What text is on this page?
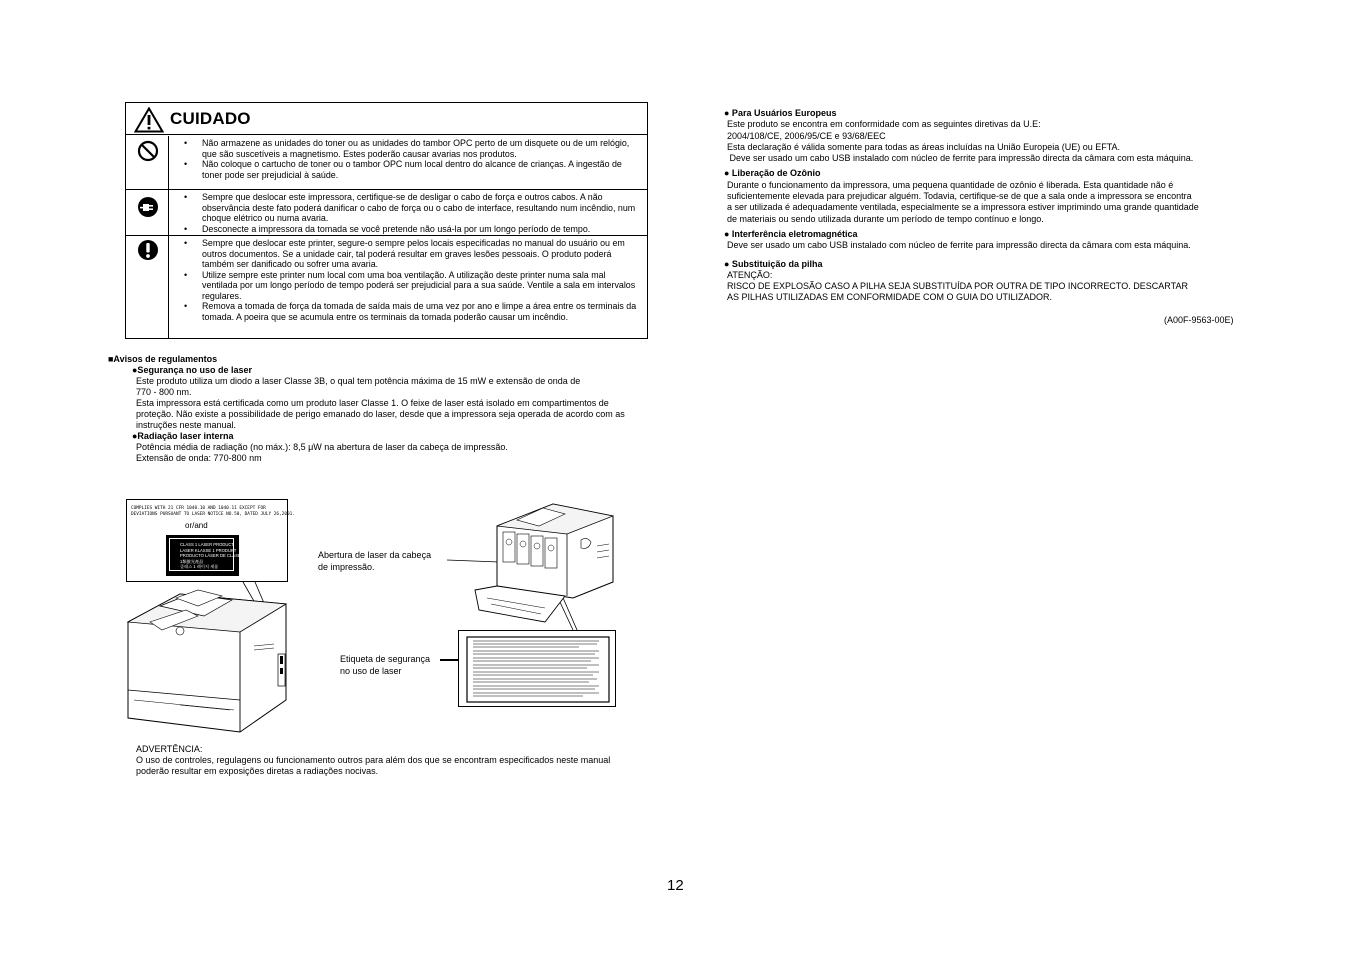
CUIDADO
• Não armazene as unidades do toner ou as unidades do tambor OPC perto de um disquete ou de um relógio, que são suscetíveis a magnetismo. Estes poderão causar avarias nos produtos.
• Não coloque o cartucho de toner ou o tambor OPC num local dentro do alcance de crianças. A ingestão de toner pode ser prejudicial à saúde.
• Sempre que deslocar este impressora, certifique-se de desligar o cabo de força e outros cabos. A não observância deste fato poderá danificar o cabo de força ou o cabo de interface, resultando num incêndio, num choque elétrico ou numa avaria.
• Desconecte a impressora da tomada se você pretende não usá-la por um longo período de tempo.
• Sempre que deslocar este printer, segure-o sempre pelos locais especificadas no manual do usuário ou em outros documentos. Se a unidade cair, tal poderá resultar em graves lesões pessoais. O produto poderá também ser danificado ou sofrer uma avaria.
• Utilize sempre este printer num local com uma boa ventilação. A utilização deste printer numa sala mal ventilada por um longo período de tempo poderá ser prejudicial para a sua saúde. Ventile a sala em intervalos regulares.
• Remova a tomada de força da tomada de saída mais de uma vez por ano e limpe a área entre os terminais da tomada. A poeira que se acumula entre os terminais da tomada poderão causar um incêndio.
■Avisos de regulamentos
●Segurança no uso de laser
Este produto utiliza um diodo a laser Classe 3B, o qual tem potência máxima de 15 mW e extensão de onda de
770 - 800 nm.
Esta impressora está certificada como um produto laser Classe 1. O feixe de laser está isolado em compartimentos de
proteção. Não existe a possibilidade de perigo emanado do laser, desde que a impressora seja operada de acordo com as
instruções neste manual.
●Radiação laser interna
Potência média de radiação (no máx.): 8,5 μW na abertura de laser da cabeça de impressão.
Extensão de onda: 770-800 nm
COMPLIES WITH 21 CFR 1040.10 AND 1040.11 EXCEPT FOR
DEVIATIONS PURSUANT TO LASER NOTICE NO.50, DATED JULY 26,2001.
or/and
CLASS 1 LASER PRODUCT
LASER KLASSE 1 PRODUKT
PRODUCTO LÁSER DE CLASE 1
1類激光產品
클래스 1 레이저 제품
Abertura de laser da cabeça
de impressão.
Etiqueta de segurança
no uso de laser
ADVERTÊNCIA:
O uso de controles, regulagens ou funcionamento outros para além dos que se encontram especificados neste manual
poderão resultar em exposições diretas a radiações nocivas.
● Para Usuários Europeus
Este produto se encontra em conformidade com as seguintes diretivas da U.E:
2004/108/CE, 2006/95/CE e 93/68/EEC
Esta declaração é válida somente para todas as áreas incluídas na União Europeia (UE) ou EFTA.
Deve ser usado um cabo USB instalado com núcleo de ferrite para impressão directa da câmara com esta máquina.
● Liberação de Ozônio
Durante o funcionamento da impressora, uma pequena quantidade de ozônio é liberada. Esta quantidade não é
suficientemente elevada para prejudicar alguém. Todavia, certifique-se de que a sala onde a impressora se encontra
a ser utilizada é adequadamente ventilada, especialmente se a impressora estiver imprimindo uma grande quantidade
de materiais ou sendo utilizada durante um período de tempo contínuo e longo.
● Interferência eletromagnética
Deve ser usado um cabo USB instalado com núcleo de ferrite para impressão directa da câmara com esta máquina.
● Substituição da pilha
ATENÇÃO:
RISCO DE EXPLOSÃO CASO A PILHA SEJA SUBSTITUÍDA POR OUTRA DE TIPO INCORRECTO. DESCARTAR
AS PILHAS UTILIZADAS EM CONFORMIDADE COM O GUIA DO UTILIZADOR.
(A00F-9563-00E)
12
